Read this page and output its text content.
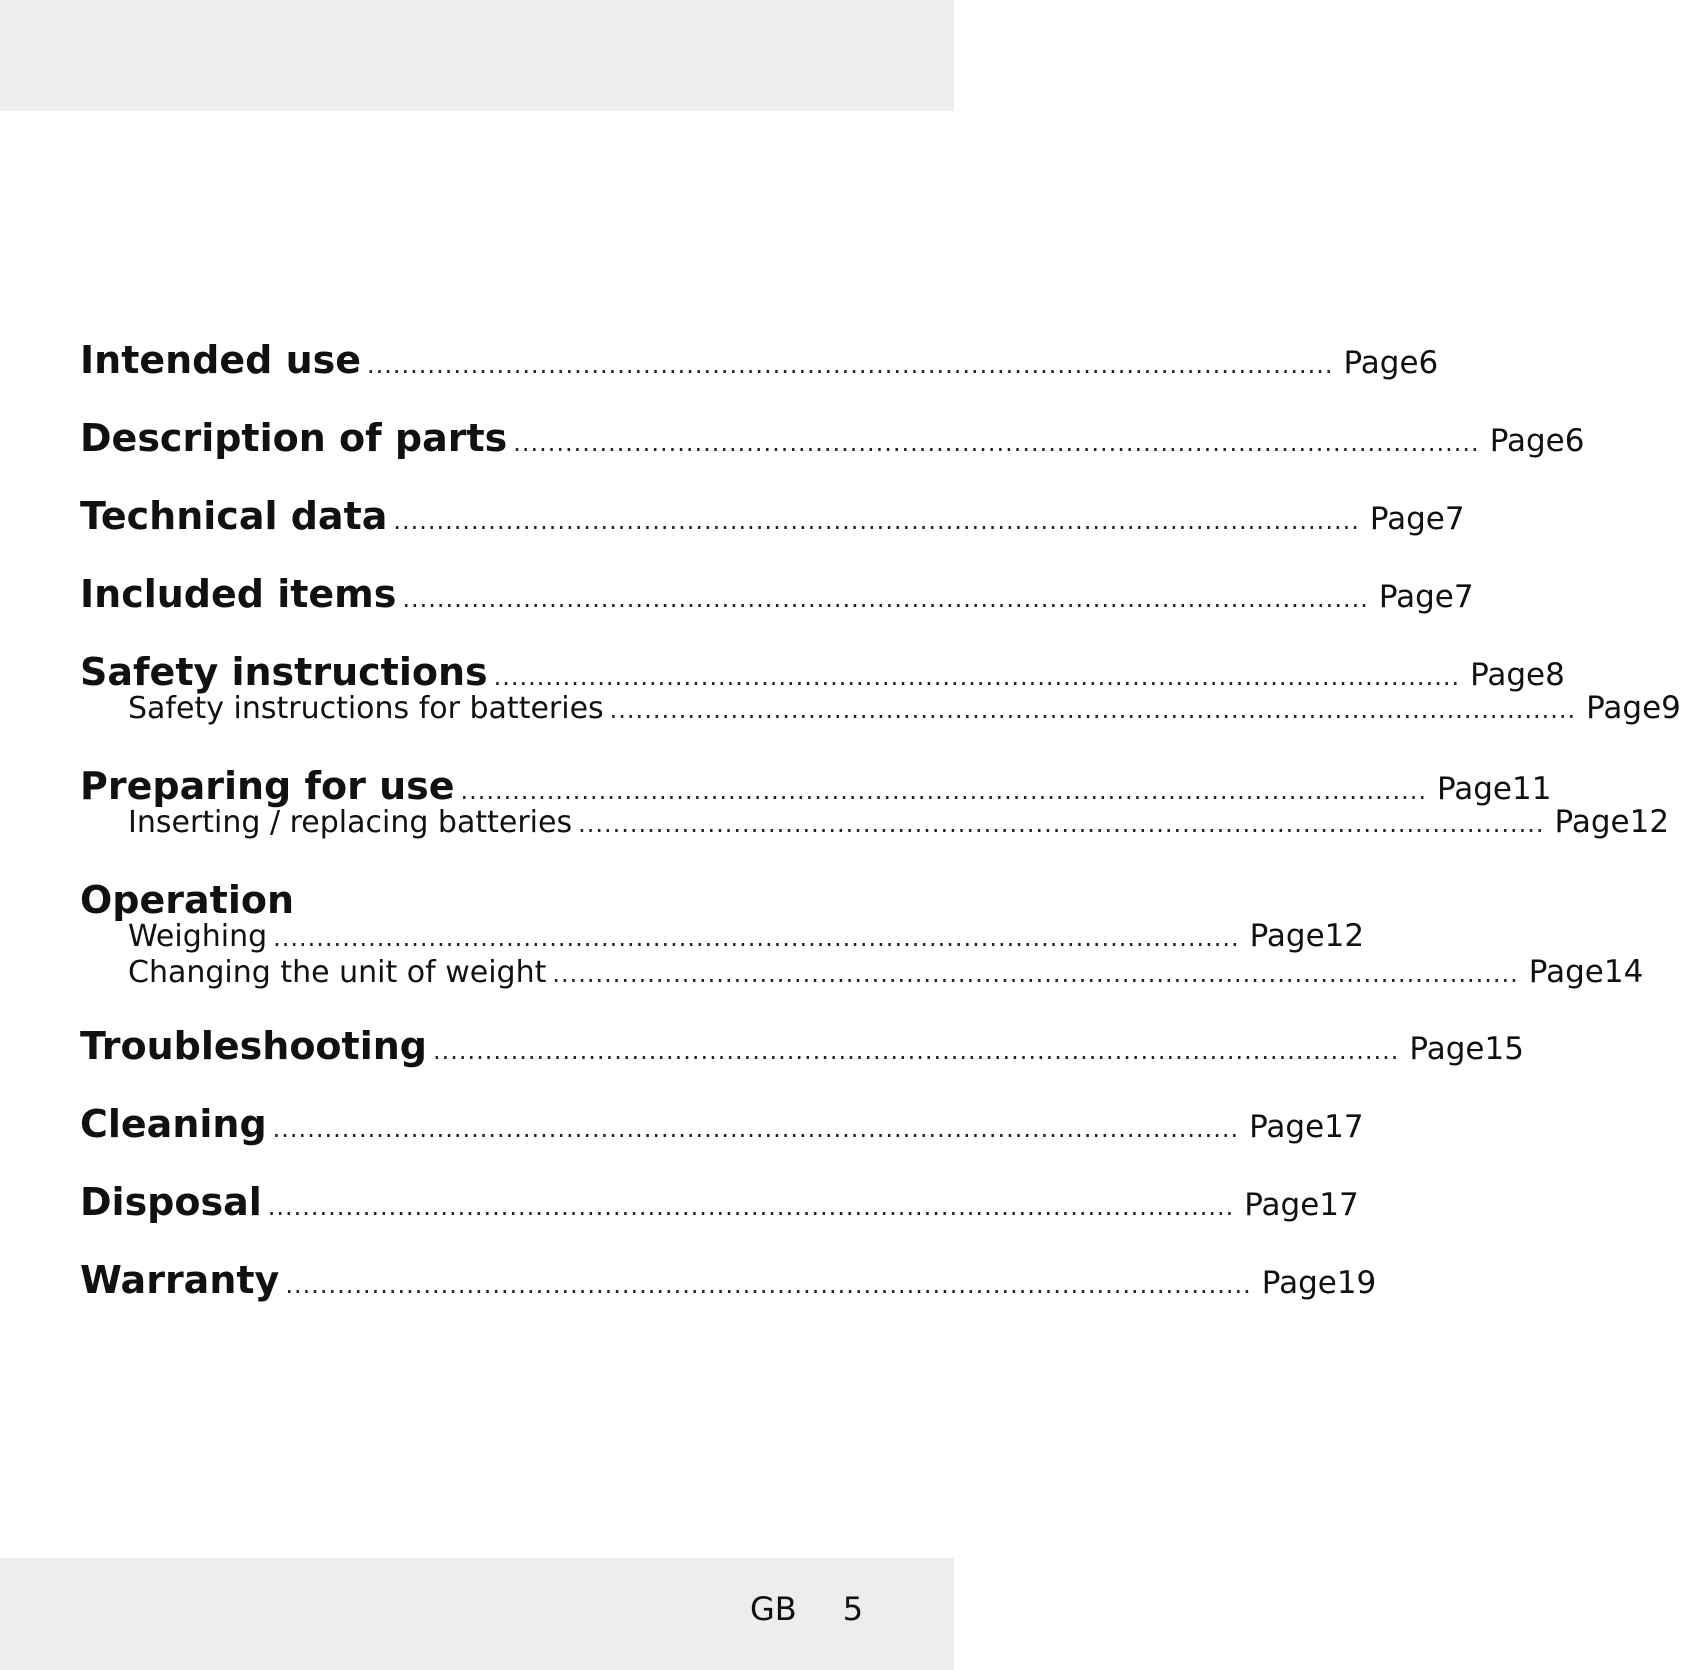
Intended use ................................................................................................................ Page 6
Description of parts ................................................................................................................ Page 6
Technical data ................................................................................................................ Page 7
Included items ................................................................................................................ Page 7
Safety instructions ................................................................................................................ Page 8
Safety instructions for batteries ................................................................................................................ Page 9
Preparing for use ................................................................................................................ Page 11
Inserting / replacing batteries ................................................................................................................ Page 12
Operation
Weighing ................................................................................................................ Page 12
Changing the unit of weight ................................................................................................................ Page 14
Troubleshooting ................................................................................................................ Page 15
Cleaning ................................................................................................................ Page 17
Disposal ................................................................................................................ Page 17
Warranty ................................................................................................................ Page 19
GB 5
